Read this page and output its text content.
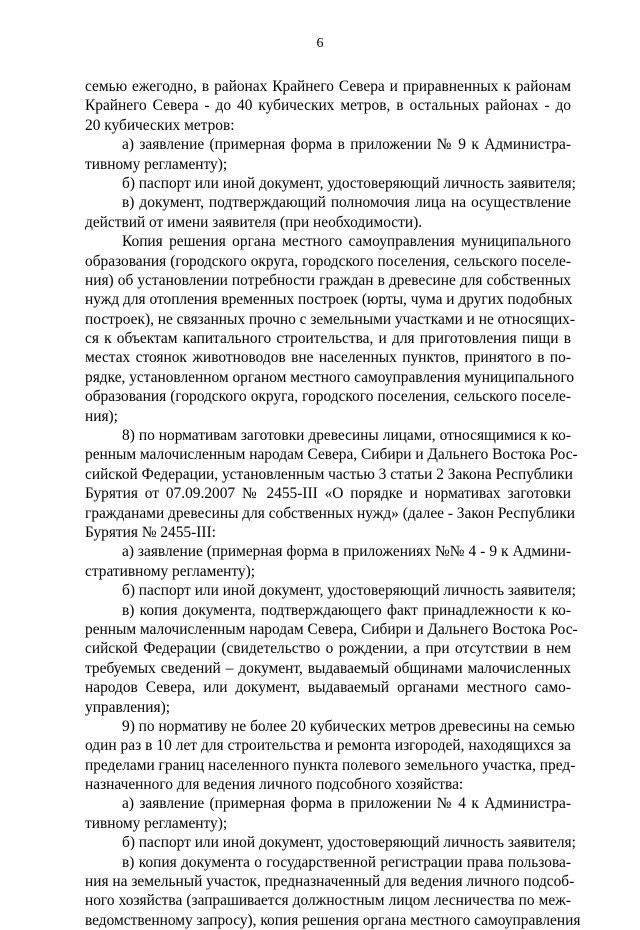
6
семью ежегодно, в районах Крайнего Севера и приравненных к районам
Крайнего Севера - до 40 кубических метров, в остальных районах - до
20 кубических метров:
а) заявление (примерная форма в приложении № 9 к Администра-
тивному регламенту);
б) паспорт или иной документ, удостоверяющий личность заявителя;
в) документ, подтверждающий полномочия лица на осуществление
действий от имени заявителя (при необходимости).
Копия решения органа местного самоуправления муниципального
образования (городского округа, городского поселения, сельского поселе-
ния) об установлении потребности граждан в древесине для собственных
нужд для отопления временных построек (юрты, чума и других подобных
построек), не связанных прочно с земельными участками и не относящих-
ся к объектам капитального строительства, и для приготовления пищи в
местах стоянок животноводов вне населенных пунктов, принятого в по-
рядке, установленном органом местного самоуправления муниципального
образования (городского округа, городского поселения, сельского поселе-
ния);
8) по нормативам заготовки древесины лицами, относящимися к ко-
ренным малочисленным народам Севера, Сибири и Дальнего Востока Рос-
сийской Федерации, установленным частью 3 статьи 2 Закона Республики
Бурятия от 07.09.2007 № 2455-III «О порядке и нормативах заготовки
гражданами древесины для собственных нужд» (далее - Закон Республики
Бурятия № 2455-III:
а) заявление (примерная форма в приложениях №№ 4 - 9 к Админи-
стративному регламенту);
б) паспорт или иной документ, удостоверяющий личность заявителя;
в) копия документа, подтверждающего факт принадлежности к ко-
ренным малочисленным народам Севера, Сибири и Дальнего Востока Рос-
сийской Федерации (свидетельство о рождении, а при отсутствии в нем
требуемых сведений – документ, выдаваемый общинами малочисленных
народов Севера, или документ, выдаваемый органами местного само-
управления);
9) по нормативу не более 20 кубических метров древесины на семью
один раз в 10 лет для строительства и ремонта изгородей, находящихся за
пределами границ населенного пункта полевого земельного участка, пред-
назначенного для ведения личного подсобного хозяйства:
а) заявление (примерная форма в приложении № 4 к Администра-
тивному регламенту);
б) паспорт или иной документ, удостоверяющий личность заявителя;
в) копия документа о государственной регистрации права пользова-
ния на земельный участок, предназначенный для ведения личного подсоб-
ного хозяйства (запрашивается должностным лицом лесничества по меж-
ведомственному запросу), копия решения органа местного самоуправления
